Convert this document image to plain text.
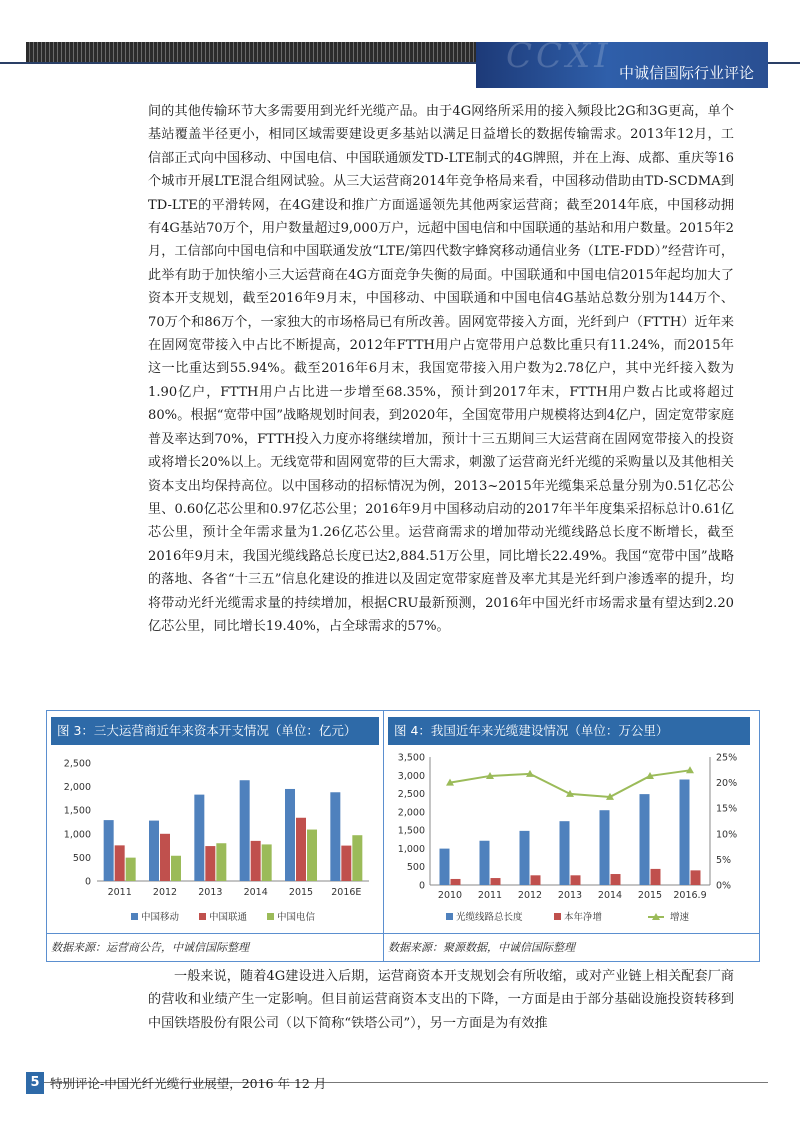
CCXI 中诚信国际行业评论

间的其他传输环节大多需要用到光纤光缆产品。由于4G网络所采用的接入频段比2G和3G更高，单个基站覆盖半径更小，相同区域需要建设更多基站以满足日益增长的数据传输需求。2013年12月，工信部正式向中国移动、中国电信、中国联通颁发TD-LTE制式的4G牌照，并在上海、成都、重庆等16个城市开展LTE混合组网试验。从三大运营商2014年竞争格局来看，中国移动借助由TD-SCDMA到TD-LTE的平滑转网，在4G建设和推广方面遥遥领先其他两家运营商；截至2014年底，中国移动拥有4G基站70万个，用户数量超过9,000万户，远超中国电信和中国联通的基站和用户数量。2015年2月，工信部向中国电信和中国联通发放“LTE/第四代数字蜂窝移动通信业务（LTE-FDD）”经营许可，此举有助于加快缩小三大运营商在4G方面竞争失衡的局面。中国联通和中国电信2015年起均加大了资本开支规划，截至2016年9月末，中国移动、中国联通和中国电信4G基站总数分别为144万个、70万个和86万个，一家独大的市场格局已有所改善。固网宽带接入方面，光纤到户（FTTH）近年来在固网宽带接入中占比不断提高，2012年FTTH用户占宽带用户总数比重只有11.24%，而2015年这一比重达到55.94%。截至2016年6月末，我国宽带接入用户数为2.78亿户，其中光纤接入数为1.90亿户，FTTH用户占比进一步增至68.35%，预计到2017年末，FTTH用户数占比或将超过80%。根据“宽带中国”战略规划时间表，到2020年，全国宽带用户规模将达到4亿户，固定宽带家庭普及率达到70%，FTTH投入力度亦将继续增加，预计十三五期间三大运营商在固网宽带接入的投资或将增长20%以上。无线宽带和固网宽带的巨大需求，刺激了运营商光纤光缆的采购量以及其他相关资本支出均保持高位。以中国移动的招标情况为例，2013~2015年光缆集采总量分别为0.51亿芯公里、0.60亿芯公里和0.97亿芯公里；2016年9月中国移动启动的2017年半年度集采招标总计0.61亿芯公里，预计全年需求量为1.26亿芯公里。运营商需求的增加带动光缆线路总长度不断增长，截至2016年9月末，我国光缆线路总长度已达2,884.51万公里，同比增长22.49%。我国“宽带中国”战略的落地、各省“十三五”信息化建设的推进以及固定宽带家庭普及率尤其是光纤到户渗透率的提升，均将带动光纤光缆需求量的持续增加，根据CRU最新预测，2016年中国光纤市场需求量有望达到2.20亿芯公里，同比增长19.40%，占全球需求的57%。

图 3：三大运营商近年来资本开支情况（单位：亿元）	图 4：我国近年来光缆建设情况（单位：万公里）
0
500
1,000
1,500
2,000
2,500
2011 2012 2013 2014 2015 2016E
中国移动	中国联通	中国电信
0
500
1,000
1,500
2,000
2,500
3,000
3,500
0%
5%
10%
15%
20%
25%
2010 2011 2012 2013 2014 2015 2016.9
光缆线路总长度	本年净增	增速
数据来源：运营商公告，中诚信国际整理	数据来源：聚源数据，中诚信国际整理

一般来说，随着4G建设进入后期，运营商资本开支规划会有所收缩，或对产业链上相关配套厂商的营收和业绩产生一定影响。但目前运营商资本支出的下降，一方面是由于部分基础设施投资转移到中国铁塔股份有限公司（以下简称“铁塔公司”），另一方面是为有效推

5 特别评论-中国光纤光缆行业展望，2016 年 12 月
